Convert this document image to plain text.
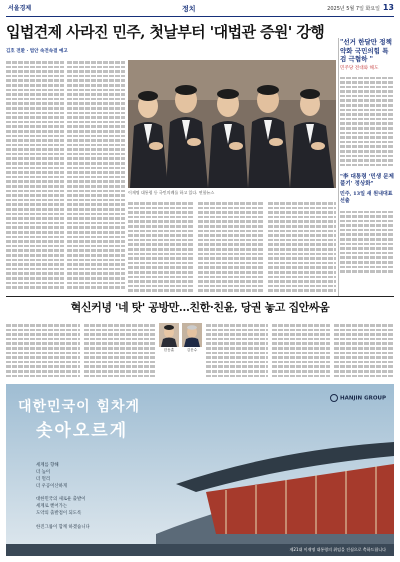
서울경제	정치	2025년 5월 7일 화요일 13
입법견제 사라진 민주, 첫날부터 '대법관 증원' 강행
김호 전환 · 법안 속전속결 예고
이재명 대통령 등 국민의례를 하고 있다. 연합뉴스
"선거 한달만 정책 약화 국민의힘 특검 극혐하 "
민주당 전대와 해도
"李 대통령 '민생 문제 풀기' 정상화"
민주, 13일 새 원내대표 선출
혁신커녕 '네 탓' 공방만…친한·친윤, 당권 놓고 집안싸움
한동훈	김문수
대한민국이 힘차게
솟아오르게
세계를 향해
더 높이
더 멀리
더 우공이산하게
대한민국의 새로운 출발이
세계로 뻗어가는
도약의 출발점이 되도록
한진그룹이 함께 하겠습니다
HANJIN GROUP
제21대 이재명 대통령의 취임을 진심으로 축하드립니다
